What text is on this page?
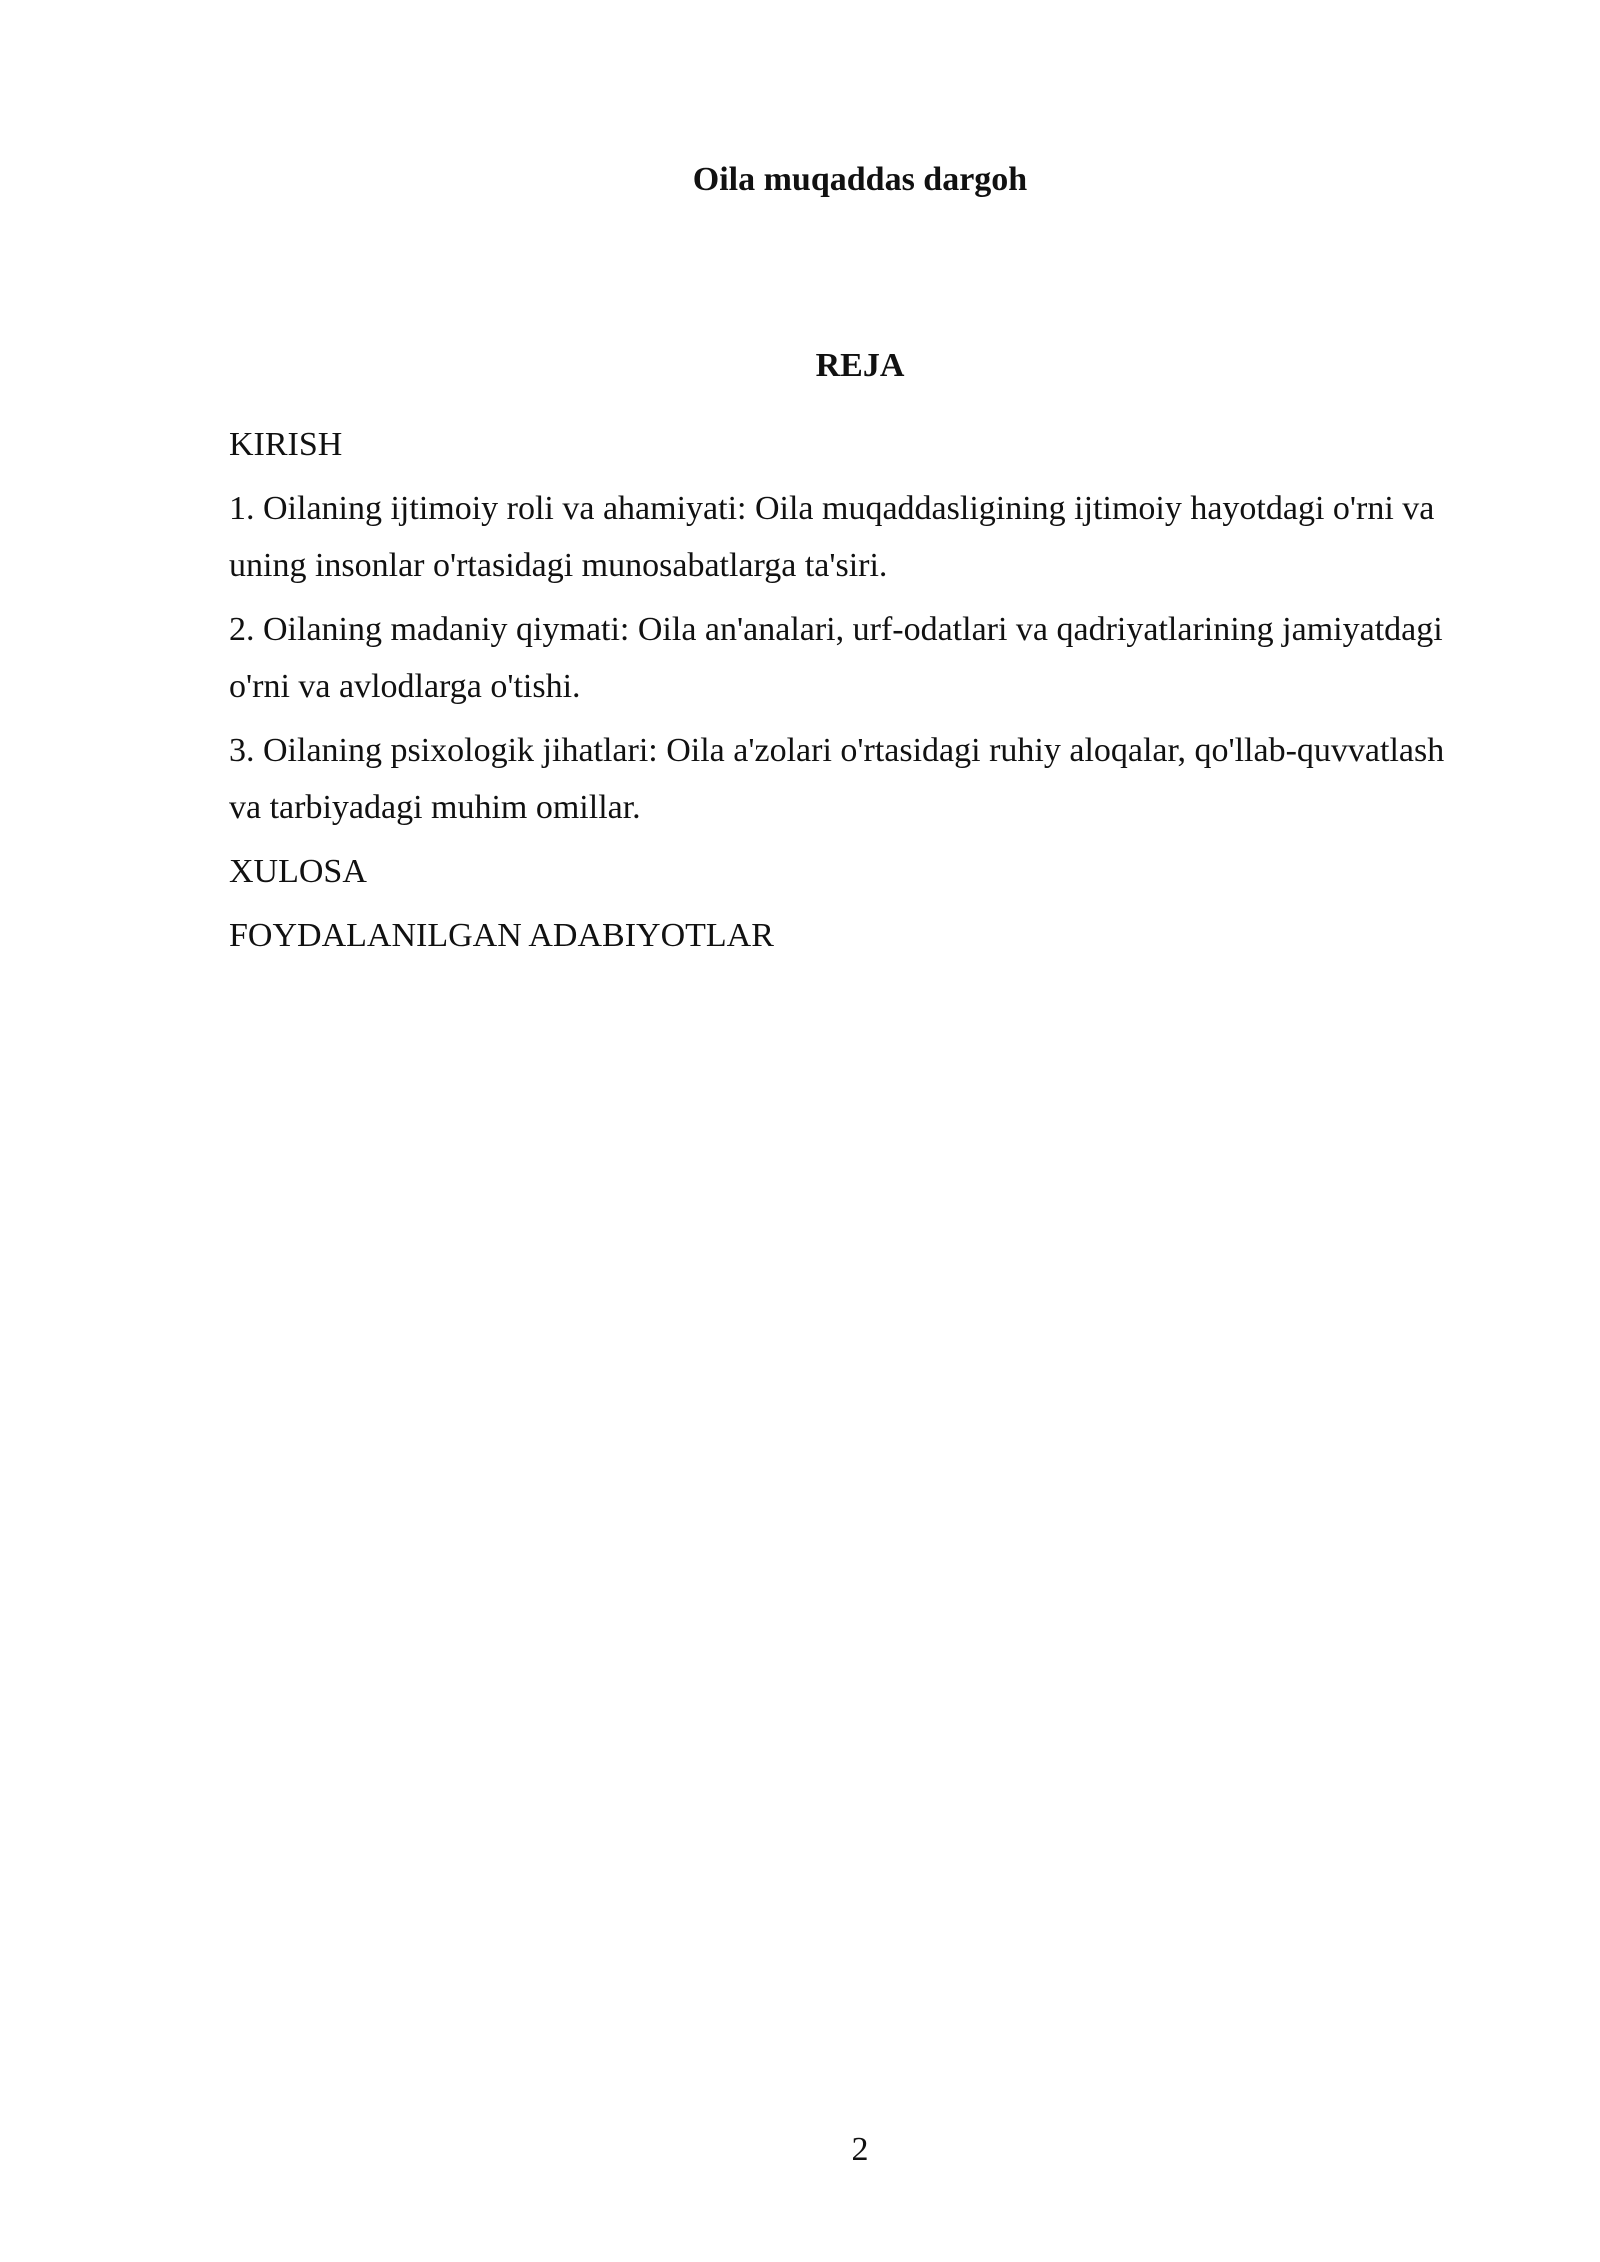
Oila muqaddas dargoh
REJA
KIRISH
1. Oilaning ijtimoiy roli va ahamiyati: Oila muqaddasligining ijtimoiy hayotdagi o'rni va uning insonlar o'rtasidagi munosabatlarga ta'siri.
2. Oilaning madaniy qiymati: Oila an'analari, urf-odatlari va qadriyatlarining jamiyatdagi o'rni va avlodlarga o'tishi.
3. Oilaning psixologik jihatlari: Oila a'zolari o'rtasidagi ruhiy aloqalar, qo'llab-quvvatlash va tarbiyadagi muhim omillar.
XULOSA
FOYDALANILGAN ADABIYOTLAR
2
